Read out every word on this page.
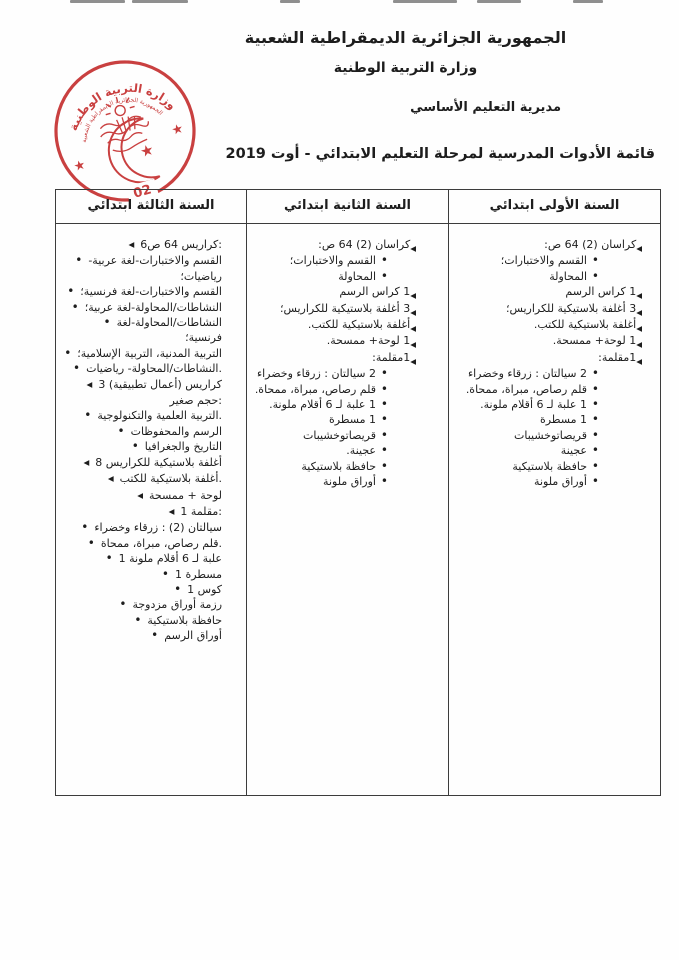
الجمهورية الجزائرية الديمقراطية الشعبية
وزارة التربية الوطنية
مديرية التعليم الأساسي
قائمة الأدوات المدرسية لمرحلة التعليم الابتدائي - أوت 2019
وزارة التربية الوطنية
الجمهورية الجزائرية الديمقراطية الشعبية
★
★
★
02
السنة الثالثة ابتدائي	السنة الثانية ابتدائي	السنة الأولى ابتدائي
◀ 6كراريس 64 ص:
• القسم والاختبارات-لغة عربية-رياضيات؛
• القسم والاختبارات-لغة فرنسية؛
• النشاطات/المحاولة-لغة عربية؛
• النشاطات/المحاولة-لغة فرنسية؛
• التربية المدنية، التربية الإسلامية؛
• النشاطات/المحاولة- رياضيات.
◀ 3 كراريس (أعمال تطبيقية) حجم صغير:
• التربية العلمية والتكنولوجية.
• الرسم والمحفوظات
• التاريخ والجغرافيا
◀ 8 أغلفة بلاستيكية للكراريس
◀ أغلفة بلاستيكية للكتب.
◀ لوحة + ممسحة
◀ 1 مقلمة:
• سيالتان (2) : زرقاء وخضراء
• قلم رصاص، مبراة، ممحاة.
• 1 علبة لـ 6 أقلام ملونة
• 1 مسطرة
• 1 كوس
• رزمة أوراق مزدوجة
• حافظة بلاستيكية
• أوراق الرسم
$_◀$كراسان (2) 64 ص:
•
القسم والاختبارات؛
•
المحاولة
$_◀$1 كراس الرسم
$_◀$3 أغلفة بلاستيكية للكراريس؛
$_◀$أغلفة بلاستيكية للكتب.
$_◀$1 لوحة+ ممسحة.
$_◀$1مقلمة:
•
2 سيالتان : زرقاء وخضراء
•
قلم رصاص، مبراة، ممحاة.
•
1 علبة لـ 6 أقلام ملونة.
•
1 مسطرة
•
قريصاتوخشيبات
•
عجينة.
•
حافظة بلاستيكية
•
أوراق ملونة
$_◀$كراسان (2) 64 ص:
•
القسم والاختبارات؛
•
المحاولة
$_◀$1 كراس الرسم
$_◀$3 أغلفة بلاستيكية للكراريس؛
$_◀$أغلفة بلاستيكية للكتب.
$_◀$1 لوحة+ ممسحة.
$_◀$1مقلمة:
•
2 سيالتان : زرقاء وخضراء
•
قلم رصاص، مبراة، ممحاة.
•
1 علبة لـ 6 أقلام ملونة.
•
1 مسطرة
•
قريصاتوخشيبات
•
عجينة
•
حافظة بلاستيكية
•
أوراق ملونة
